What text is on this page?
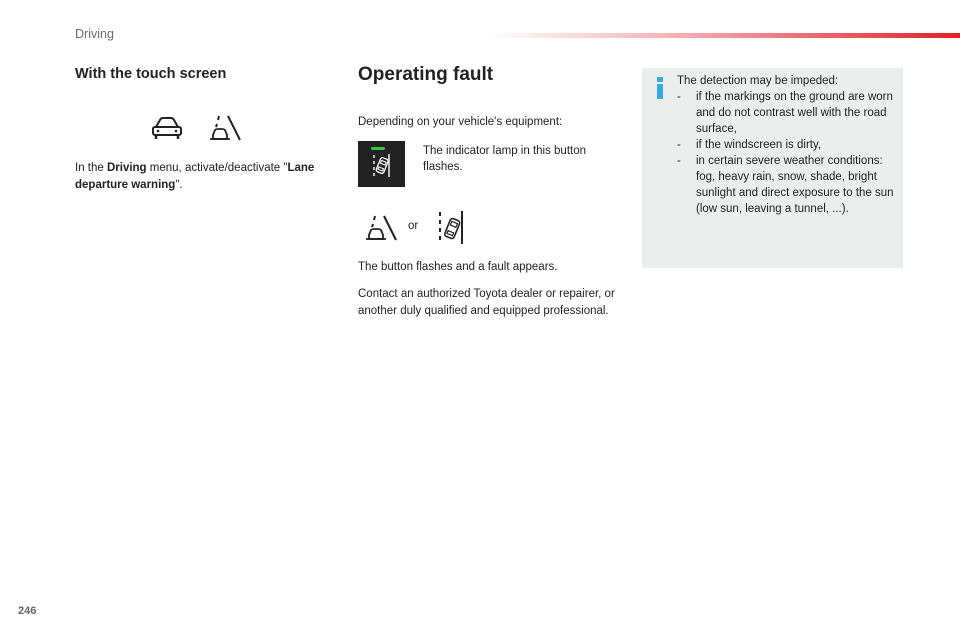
Driving
With the touch screen
In the Driving menu, activate/deactivate "Lane departure warning".
Operating fault
Depending on your vehicle's equipment:
The indicator lamp in this button flashes.
or
The button flashes and a fault appears.
Contact an authorized Toyota dealer or repairer, or another duly qualified and equipped professional.
The detection may be impeded:
- if the markings on the ground are worn and do not contrast well with the road surface,
- if the windscreen is dirty,
- in certain severe weather conditions: fog, heavy rain, snow, shade, bright sunlight and direct exposure to the sun (low sun, leaving a tunnel, ...).
246
